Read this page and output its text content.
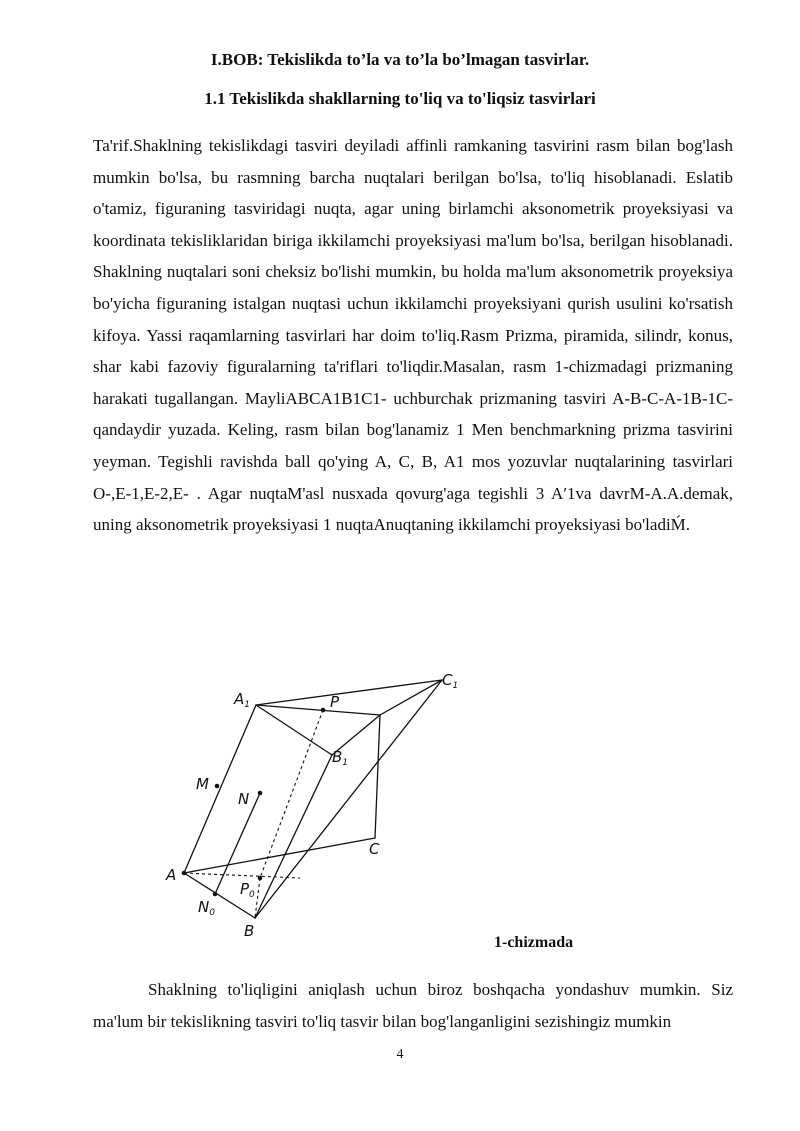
I.BOB: Tekislikda to’la va to’la bo’lmagan tasvirlar.
1.1 Tekislikda shakllarning to'liq va to'liqsiz tasvirlari

Ta'rif.Shaklning tekislikdagi tasviri deyiladi affinli ramkaning tasvirini rasm bilan bog'lash mumkin bo'lsa, bu rasmning barcha nuqtalari berilgan bo'lsa, to'liq hisoblanadi. Eslatib o'tamiz, figuraning tasviridagi nuqta, agar uning birlamchi aksonometrik proyeksiyasi va koordinata tekisliklaridan biriga ikkilamchi proyeksiyasi ma'lum bo'lsa, berilgan hisoblanadi. Shaklning nuqtalari soni cheksiz bo'lishi mumkin, bu holda ma'lum aksonometrik proyeksiya bo'yicha figuraning istalgan nuqtasi uchun ikkilamchi proyeksiyani qurish usulini ko'rsatish kifoya. Yassi raqamlarning tasvirlari har doim to'liq.Rasm Prizma, piramida, silindr, konus, shar kabi fazoviy figuralarning ta'riflari to'liqdir.Masalan, rasm 1-chizmadagi prizmaning harakati tugallangan. MayliABCA1B1C1- uchburchak prizmaning tasviri A-B-C-A-1B-1C- qandaydir yuzada. Keling, rasm bilan bog'lanamiz 1 Men benchmarkning prizma tasvirini yeyman. Tegishli ravishda ball qo'ying A, C, B, A1 mos yozuvlar nuqtalarining tasvirlari O-,E-1,E-2,E- . Agar nuqtaM'asl nusxada qovurg'aga tegishli 3 A′1va davrM-A.A.demak, uning aksonometrik proyeksiyasi 1 nuqtaAnuqtaning ikkilamchi proyeksiyasi bo'ladiḾ.

$A_1$
$C_1$
P
$B_1$
M
N
C
A
$P_0$
$N_0$
B
1-chizmada

Shaklning to'liqligini aniqlash uchun biroz boshqacha yondashuv mumkin. Siz ma'lum bir tekislikning tasviri to'liq tasvir bilan bog'langanligini sezishingiz mumkin

4
